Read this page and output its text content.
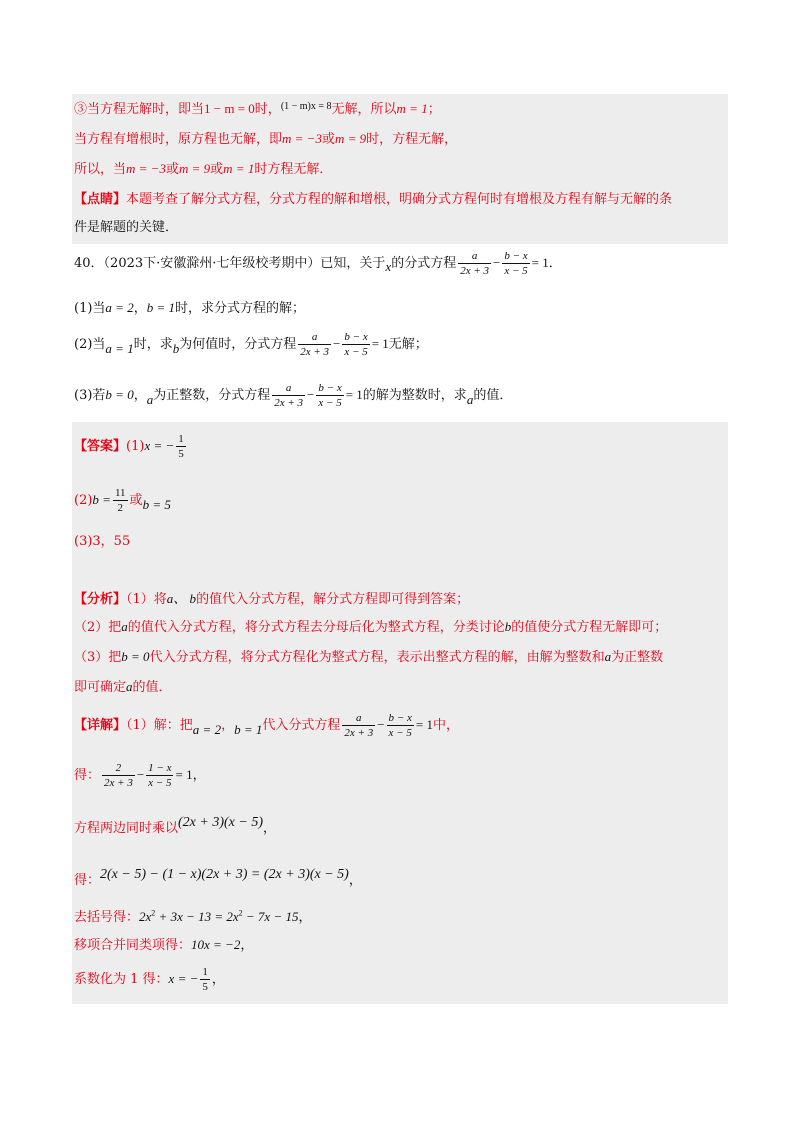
③当方程无解时，即当1 − m = 0时，$^{(1 - m)x = 8}$无解，所以m = 1；
当方程有增根时，原方程也无解，即m = −3或m = 9时，方程无解，
所以，当m = −3或m = 9或m = 1时方程无解．
【点睛】本题考查了解分式方程，分式方程的解和增根，明确分式方程何时有增根及方程有解与无解的条
件是解题的关键．
40．（2023下·安徽滁州·七年级校考期中）已知，关于x的分式方程 $\frac{a}{2x + 3} - \frac{b - x}{x - 5} = 1$．
(1)当a = 2，b = 1时，求分式方程的解；
(2)当a = 1时，求b为何值时，分式方程 $\frac{a}{2x + 3} - \frac{b - x}{x - 5} = 1$无解；
(3)若b = 0，a为正整数，分式方程 $\frac{a}{2x + 3} - \frac{b - x}{x - 5} = 1$的解为整数时，求a的值．
【答案】(1)x = − $\frac{1}{5}$
$(2)b = \frac{11}{2}$ 或b = 5
(3)3，55
【分析】（1）将a、 b的值代入分式方程，解分式方程即可得到答案；
（2）把a的值代入分式方程，将分式方程去分母后化为整式方程，分类讨论b的值使分式方程无解即可；
（3）把b = 0代入分式方程，将分式方程化为整式方程，表示出整式方程的解，由解为整数和a为正整数
即可确定a的值．
【详解】（1）解：把a = 2，b = 1代入分式方程 $\frac{a}{2x + 3} - \frac{b - x}{x - 5} = 1$中，
得： $\frac{2}{2x + 3} - \frac{1 - x}{x - 5} = 1$，
方程两边同时乘以(2x + 3)(x − 5)，
得：2(x − 5) − (1 − x)(2x + 3) = (2x + 3)(x − 5)，
去括号得：$2x^2 + 3x - 13 = 2x^2 - 7x - 15$，
移项合并同类项得：10x = −2，
系数化为 1 得：x = − $\frac{1}{5}$ ，
